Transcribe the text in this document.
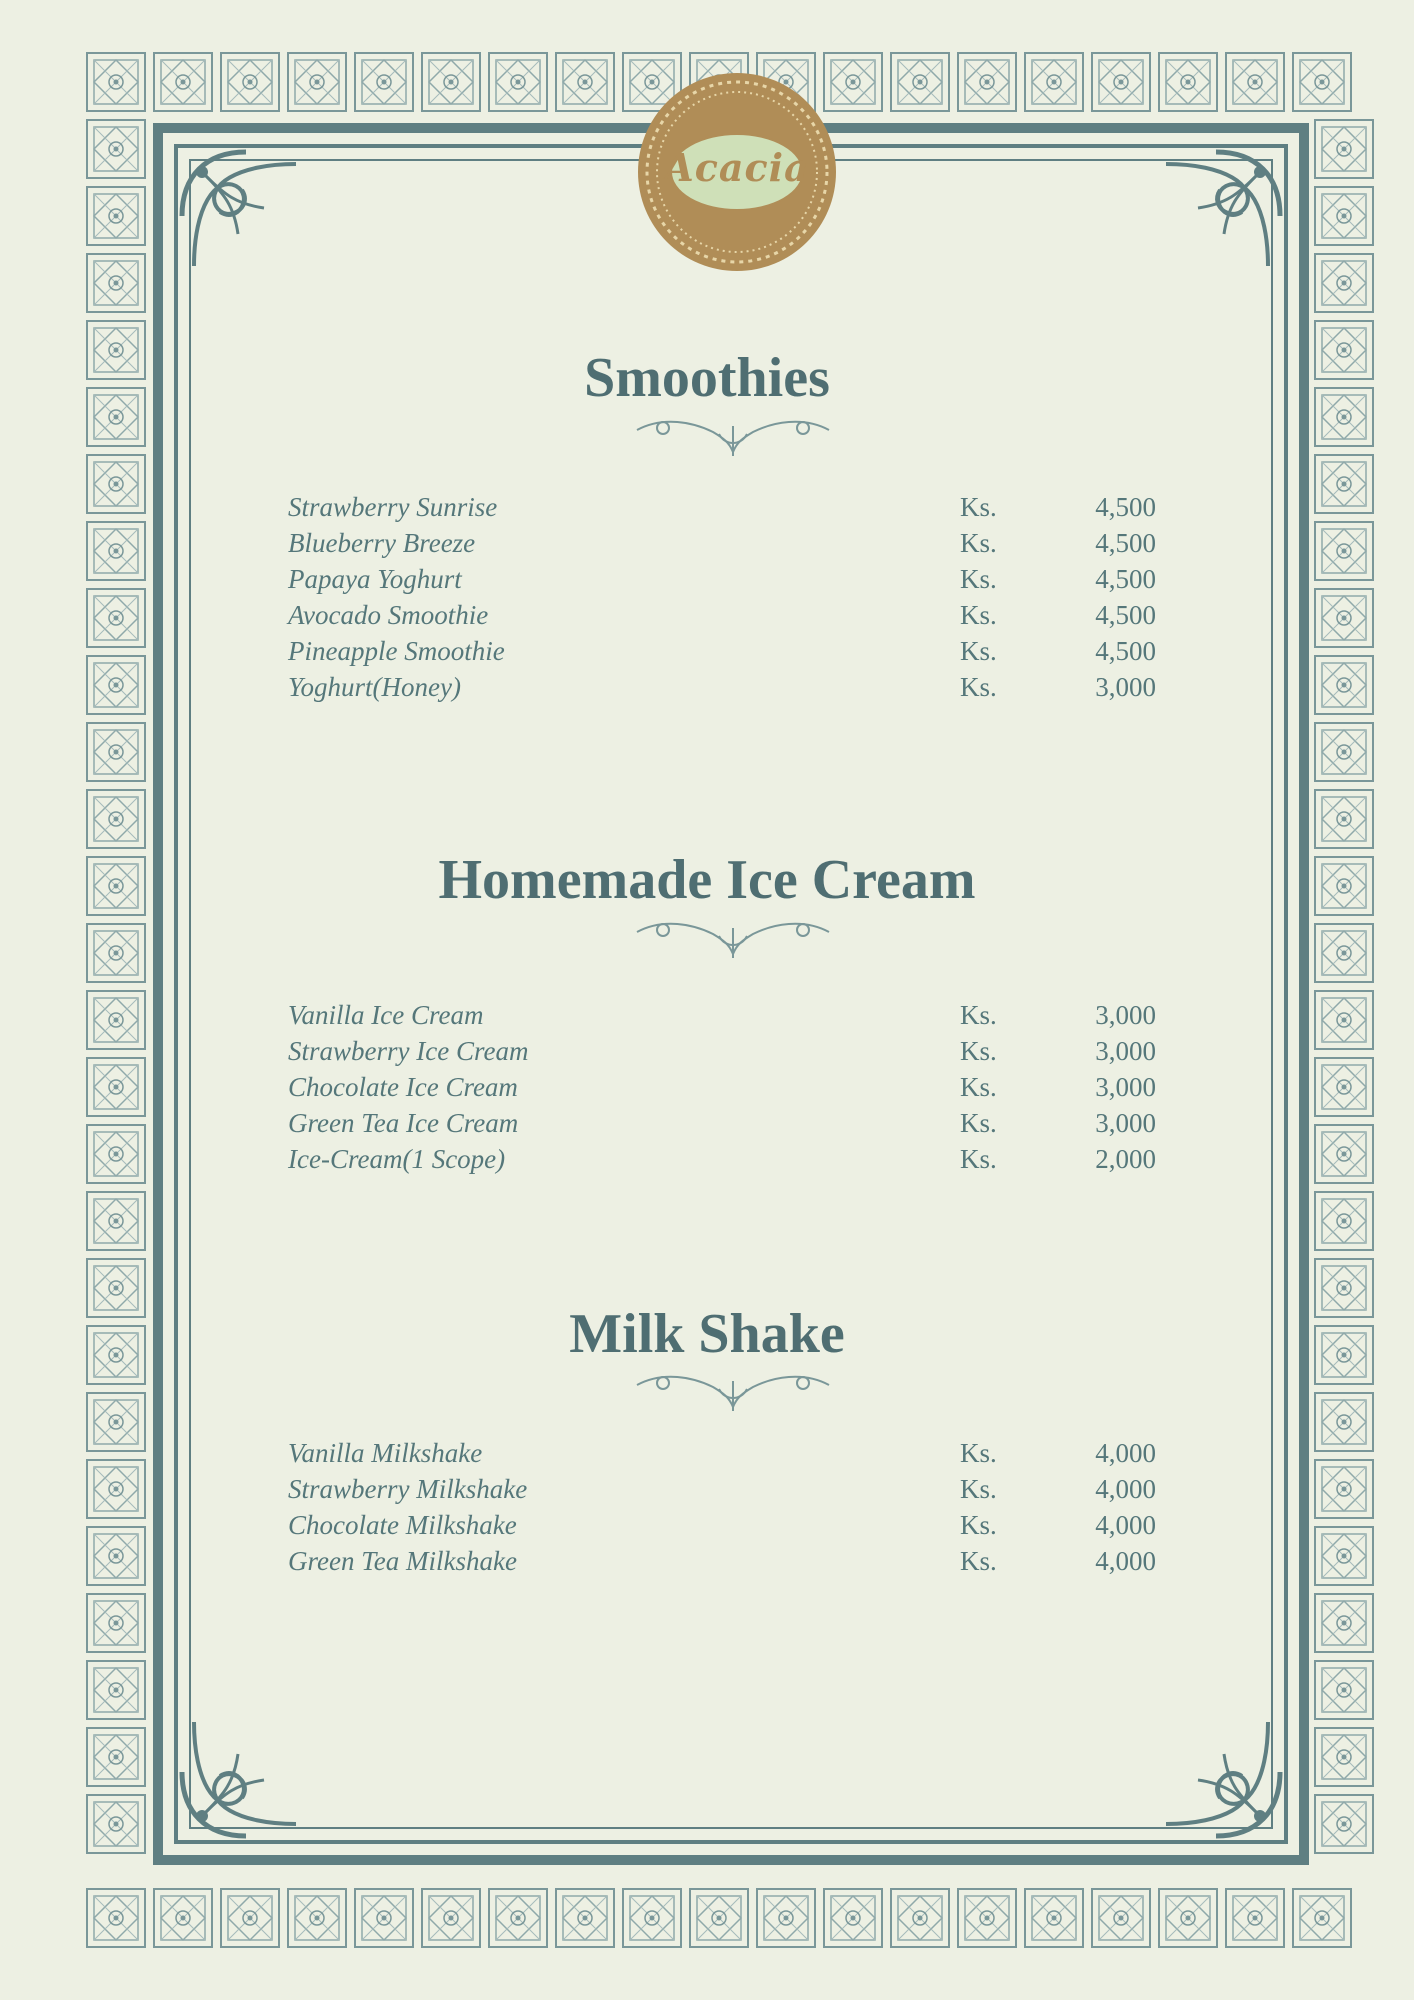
Acacia
Smoothies
Strawberry Sunrise	Ks.	4,500
Blueberry Breeze	Ks.	4,500
Papaya Yoghurt	Ks.	4,500
Avocado Smoothie	Ks.	4,500
Pineapple Smoothie	Ks.	4,500
Yoghurt(Honey)	Ks.	3,000
Homemade Ice Cream
Vanilla Ice Cream	Ks.	3,000
Strawberry Ice Cream	Ks.	3,000
Chocolate Ice Cream	Ks.	3,000
Green Tea Ice Cream	Ks.	3,000
Ice-Cream(1 Scope)	Ks.	2,000
Milk Shake
Vanilla Milkshake	Ks.	4,000
Strawberry Milkshake	Ks.	4,000
Chocolate Milkshake	Ks.	4,000
Green Tea Milkshake	Ks.	4,000
